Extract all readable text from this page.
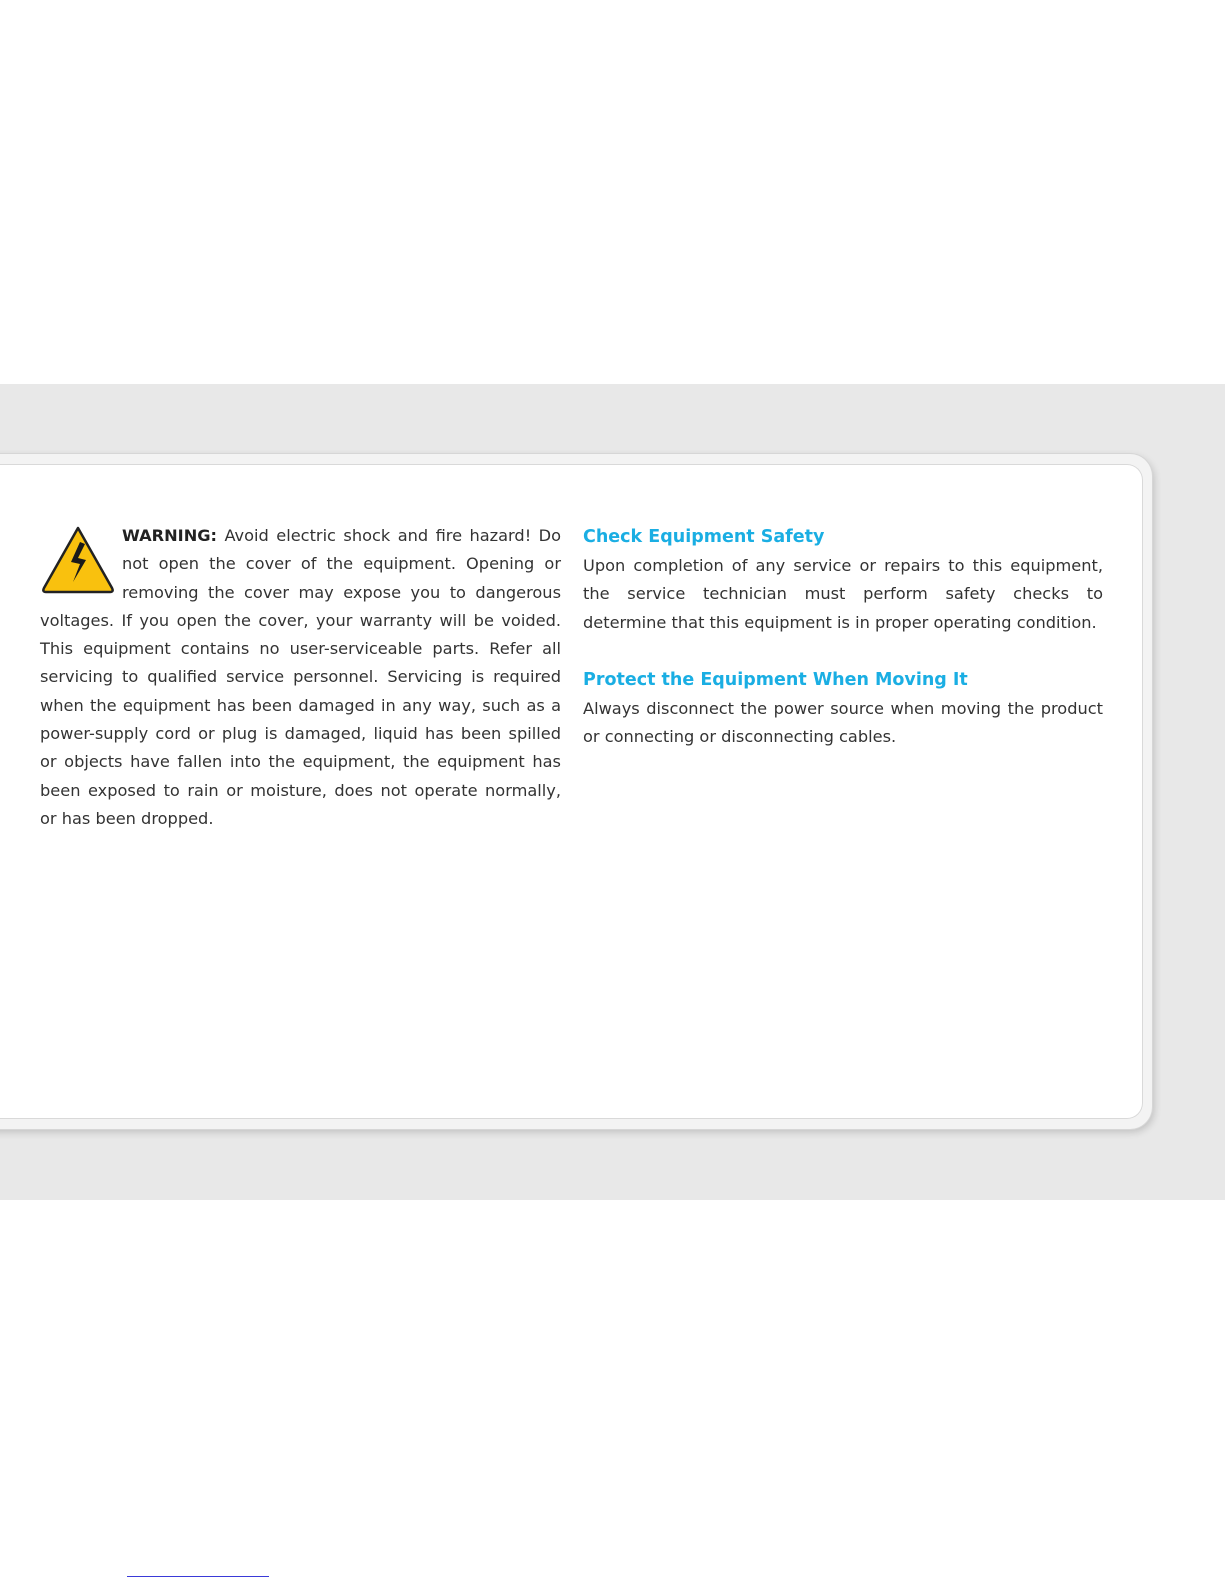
WARNING: Avoid electric shock and fire hazard! Do not open the cover of the equipment. Opening or removing the cover may expose you to dangerous voltages. If you open the cover, your warranty will be voided. This equipment contains no user-serviceable parts. Refer all servicing to qualified service personnel. Servicing is required when the equipment has been damaged in any way, such as a power-supply cord or plug is damaged, liquid has been spilled or objects have fallen into the equipment, the equipment has been exposed to rain or moisture, does not operate normally, or has been dropped.
Check Equipment Safety

Upon completion of any service or repairs to this equipment, the service technician must perform safety checks to determine that this equipment is in proper operating condition.

Protect the Equipment When Moving It

Always disconnect the power source when moving the product or connecting or disconnecting cables.
